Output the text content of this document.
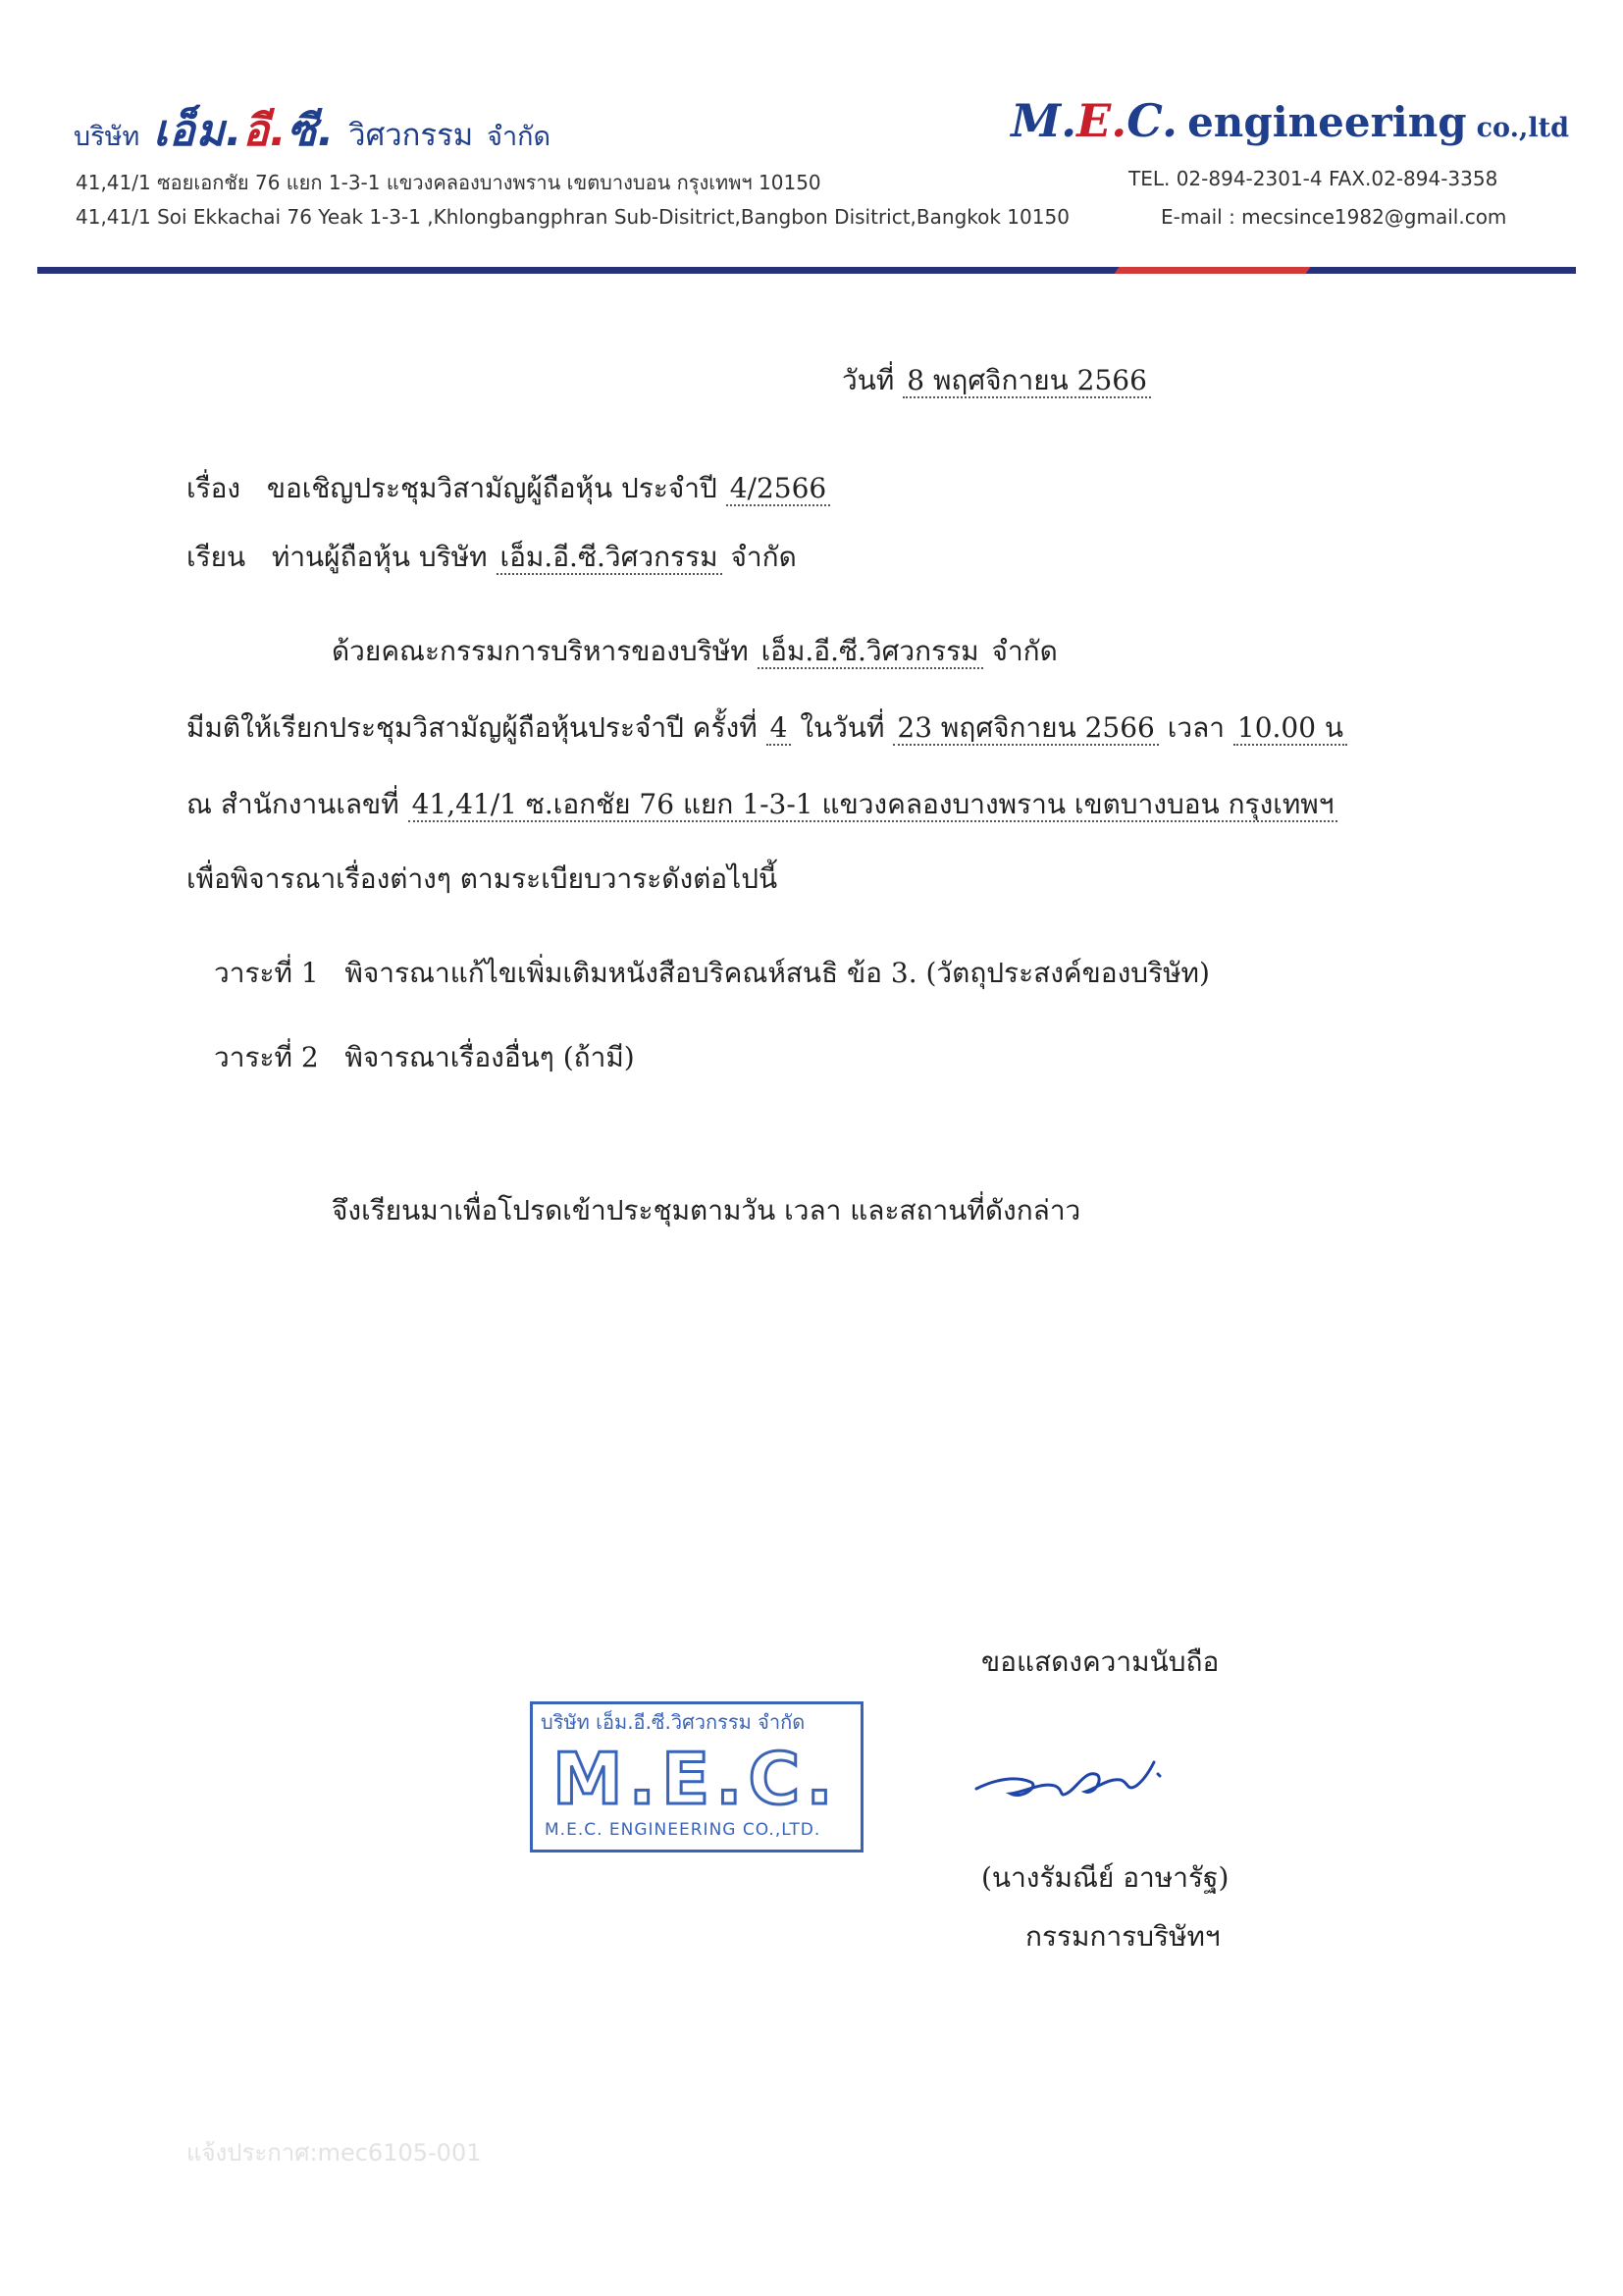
บริษัท เอ็ม.อี.ซี. วิศวกรรม จำกัด	M.E.C. engineering co.,ltd
41,41/1 ซอยเอกชัย 76 แยก 1-3-1 แขวงคลองบางพราน เขตบางบอน กรุงเทพฯ 10150
41,41/1 Soi Ekkachai 76 Yeak 1-3-1 ,Khlongbangphran Sub-Disitrict,Bangbon Disitrict,Bangkok 10150
TEL. 02-894-2301-4 FAX.02-894-3358
E-mail : mecsince1982@gmail.com
วันที่ 8 พฤศจิกายน 2566
เรื่อง ขอเชิญประชุมวิสามัญผู้ถือหุ้น ประจำปี 4/2566
เรียน ท่านผู้ถือหุ้น บริษัท เอ็ม.อี.ซี.วิศวกรรม จำกัด
ด้วยคณะกรรมการบริหารของบริษัท เอ็ม.อี.ซี.วิศวกรรม จำกัด
มีมติให้เรียกประชุมวิสามัญผู้ถือหุ้นประจำปี ครั้งที่ 4 ในวันที่ 23 พฤศจิกายน 2566 เวลา 10.00 น
ณ สำนักงานเลขที่ 41,41/1 ซ.เอกชัย 76 แยก 1-3-1 แขวงคลองบางพราน เขตบางบอน กรุงเทพฯ
เพื่อพิจารณาเรื่องต่างๆ ตามระเบียบวาระดังต่อไปนี้
วาระที่ 1 พิจารณาแก้ไขเพิ่มเติมหนังสือบริคณห์สนธิ ข้อ 3. (วัตถุประสงค์ของบริษัท)
วาระที่ 2 พิจารณาเรื่องอื่นๆ (ถ้ามี)
จึงเรียนมาเพื่อโปรดเข้าประชุมตามวัน เวลา และสถานที่ดังกล่าว
ขอแสดงความนับถือ
บริษัท เอ็ม.อี.ซี.วิศวกรรม จำกัด
M.E.C.
M.E.C. ENGINEERING CO.,LTD.
(นางรัมณีย์ อาษารัฐ)
กรรมการบริษัทฯ
แจ้งประกาศ:mec6105-001
